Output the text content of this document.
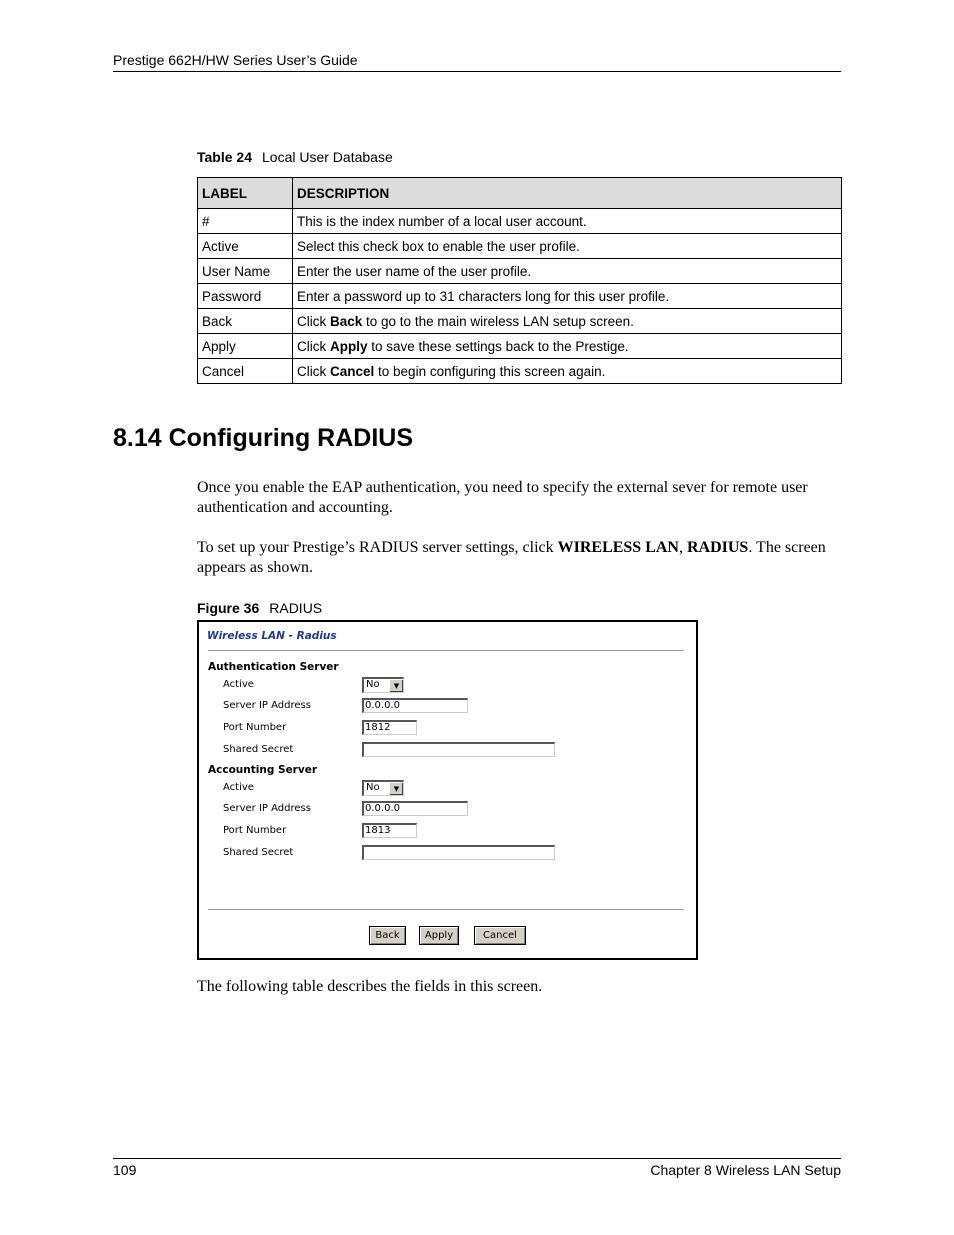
Prestige 662H/HW Series User’s Guide
Table 24 Local User Database
LABEL	DESCRIPTION
#	This is the index number of a local user account.
Active	Select this check box to enable the user profile.
User Name	Enter the user name of the user profile.
Password	Enter a password up to 31 characters long for this user profile.
Back	Click Back to go to the main wireless LAN setup screen.
Apply	Click Apply to save these settings back to the Prestige.
Cancel	Click Cancel to begin configuring this screen again.
8.14 Configuring RADIUS
Once you enable the EAP authentication, you need to specify the external sever for remote user authentication and accounting.
To set up your Prestige’s RADIUS server settings, click WIRELESS LAN, RADIUS. The screen appears as shown.
Figure 36 RADIUS
Wireless LAN - Radius
Authentication Server
Active	No	▼
Server IP Address	0.0.0.0
Port Number	1812
Shared Secret
Accounting Server
Active	No	▼
Server IP Address	0.0.0.0
Port Number	1813
Shared Secret
Back	Apply	Cancel
The following table describes the fields in this screen.
109	Chapter 8 Wireless LAN Setup
